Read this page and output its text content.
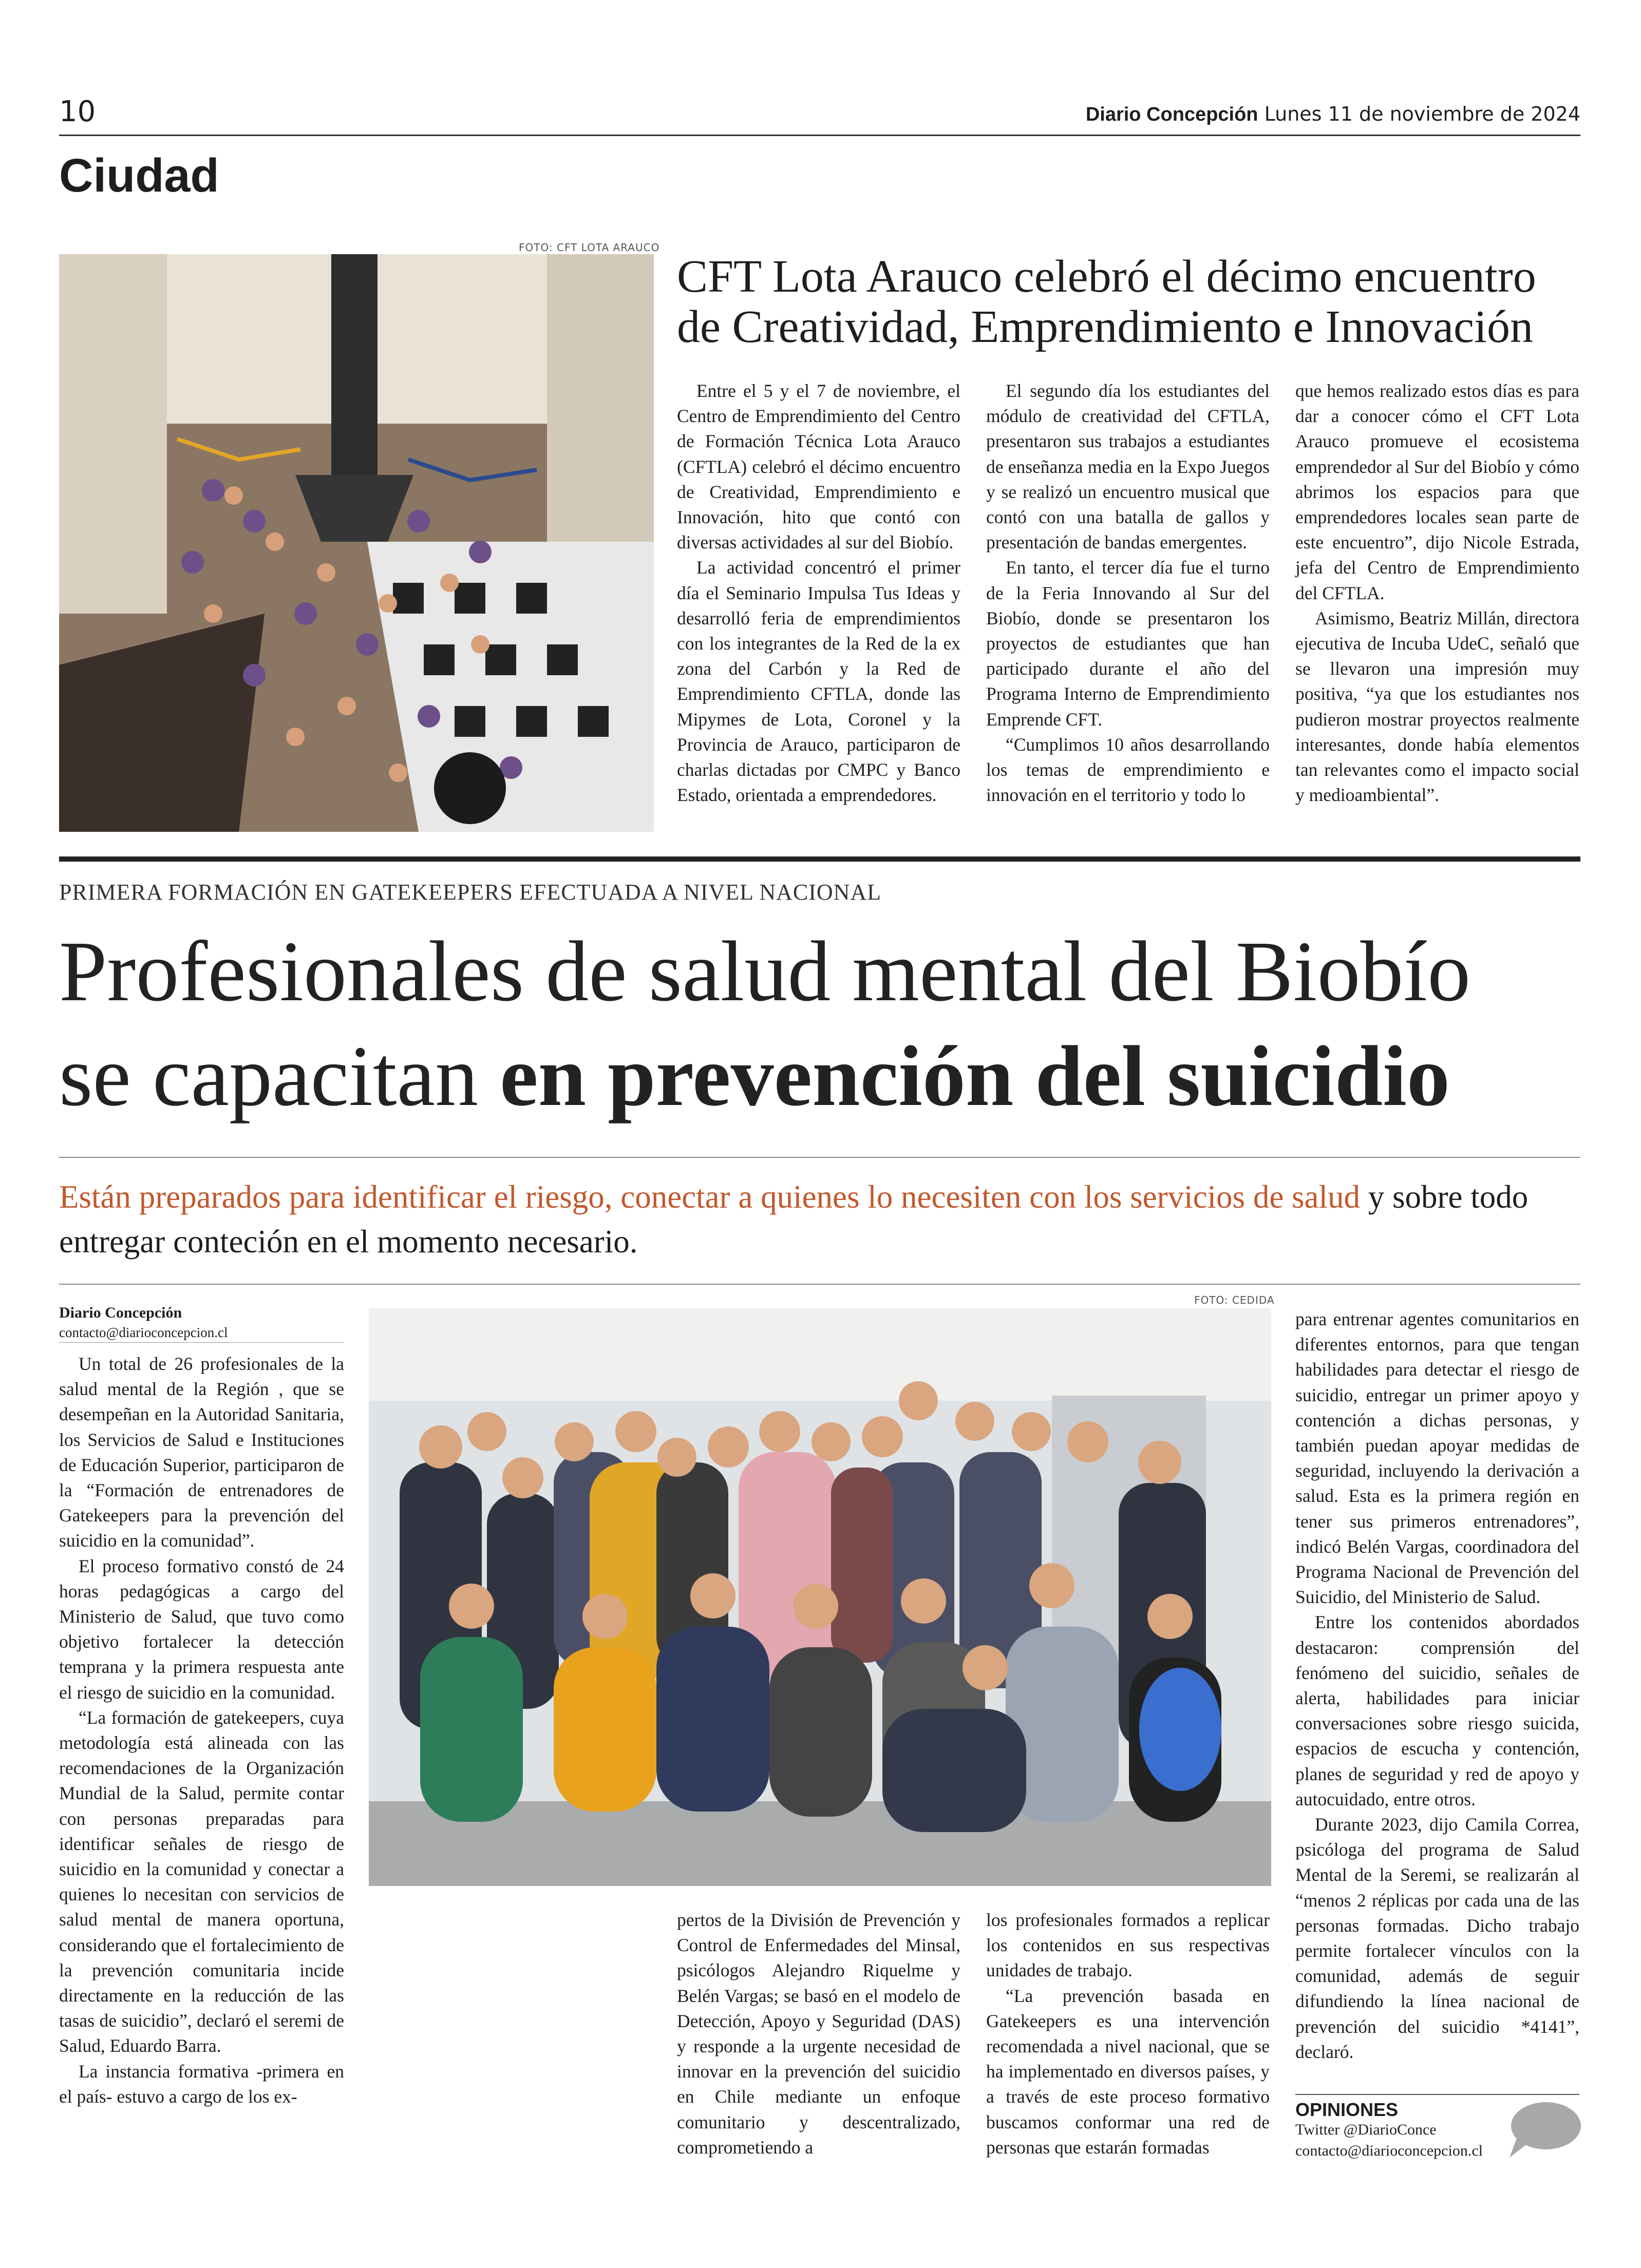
10	Diario Concepción Lunes 11 de noviembre de 2024
Ciudad
FOTO: CFT LOTA ARAUCO
CFT Lota Arauco celebró el décimo encuentro de Creatividad, Emprendimiento e Innovación

Entre el 5 y el 7 de noviembre, el Centro de Emprendimiento del Centro de Formación Técnica Lota Arauco (CFTLA) celebró el décimo encuentro de Creatividad, Emprendimiento e Innovación, hito que contó con diversas actividades al sur del Biobío.

La actividad concentró el primer día el Seminario Impulsa Tus Ideas y desarrolló feria de emprendimientos con los integrantes de la Red de la ex zona del Carbón y la Red de Emprendimiento CFTLA, donde las Mipymes de Lota, Coronel y la Provincia de Arauco, participaron de charlas dictadas por CMPC y Banco Estado, orientada a emprendedores.

El segundo día los estudiantes del módulo de creatividad del CFTLA, presentaron sus trabajos a estudiantes de enseñanza media en la Expo Juegos y se realizó un encuentro musical que contó con una batalla de gallos y presentación de bandas emergentes.

En tanto, el tercer día fue el turno de la Feria Innovando al Sur del Biobío, donde se presentaron los proyectos de estudiantes que han participado durante el año del Programa Interno de Emprendimiento Emprende CFT.

“Cumplimos 10 años desarrollando los temas de emprendimiento e innovación en el territorio y todo lo

que hemos realizado estos días es para dar a conocer cómo el CFT Lota Arauco promueve el ecosistema emprendedor al Sur del Biobío y cómo abrimos los espacios para que emprendedores locales sean parte de este encuentro”, dijo Nicole Estrada, jefa del Centro de Emprendimiento del CFTLA.

Asimismo, Beatriz Millán, directora ejecutiva de Incuba UdeC, señaló que se llevaron una impresión muy positiva, “ya que los estudiantes nos pudieron mostrar proyectos realmente interesantes, donde había elementos tan relevantes como el impacto social y medioambiental”.

PRIMERA FORMACIÓN EN GATEKEEPERS EFECTUADA A NIVEL NACIONAL
Profesionales de salud mental del Biobío
se capacitan en prevención del suicidio
Están preparados para identificar el riesgo, conectar a quienes lo necesiten con los servicios de salud y sobre todo entregar conteción en el momento necesario.
Diario Concepción
contacto@diarioconcepcion.cl

Un total de 26 profesionales de la salud mental de la Región , que se desempeñan en la Autoridad Sanitaria, los Servicios de Salud e Instituciones de Educación Superior, participaron de la “Formación de entrenadores de Gatekeepers para la prevención del suicidio en la comunidad”.

El proceso formativo constó de 24 horas pedagógicas a cargo del Ministerio de Salud, que tuvo como objetivo fortalecer la detección temprana y la primera respuesta ante el riesgo de suicidio en la comunidad.

“La formación de gatekeepers, cuya metodología está alineada con las recomendaciones de la Organización Mundial de la Salud, permite contar con personas preparadas para identificar señales de riesgo de suicidio en la comunidad y conectar a quienes lo necesitan con servicios de salud mental de manera oportuna, considerando que el fortalecimiento de la prevención comunitaria incide directamente en la reducción de las tasas de suicidio”, declaró el seremi de Salud, Eduardo Barra.

La instancia formativa -primera en el país- estuvo a cargo de los ex-

FOTO: CEDIDA

pertos de la División de Prevención y Control de Enfermedades del Minsal, psicólogos Alejandro Riquelme y Belén Vargas; se basó en el modelo de Detección, Apoyo y Seguridad (DAS) y responde a la urgente necesidad de innovar en la prevención del suicidio en Chile mediante un enfoque comunitario y descentralizado, comprometiendo a

los profesionales formados a replicar los contenidos en sus respectivas unidades de trabajo.

“La prevención basada en Gatekeepers es una intervención recomendada a nivel nacional, que se ha implementado en diversos países, y a través de este proceso formativo buscamos conformar una red de personas que estarán formadas

para entrenar agentes comunitarios en diferentes entornos, para que tengan habilidades para detectar el riesgo de suicidio, entregar un primer apoyo y contención a dichas personas, y también puedan apoyar medidas de seguridad, incluyendo la derivación a salud. Esta es la primera región en tener sus primeros entrenadores”, indicó Belén Vargas, coordinadora del Programa Nacional de Prevención del Suicidio, del Ministerio de Salud.

Entre los contenidos abordados destacaron: comprensión del fenómeno del suicidio, señales de alerta, habilidades para iniciar conversaciones sobre riesgo suicida, espacios de escucha y contención, planes de seguridad y red de apoyo y autocuidado, entre otros.

Durante 2023, dijo Camila Correa, psicóloga del programa de Salud Mental de la Seremi, se realizarán al “menos 2 réplicas por cada una de las personas formadas. Dicho trabajo permite fortalecer vínculos con la comunidad, además de seguir difundiendo la línea nacional de prevención del suicidio *4141”, declaró.

OPINIONES
Twitter @DiarioConce
contacto@diarioconcepcion.cl
